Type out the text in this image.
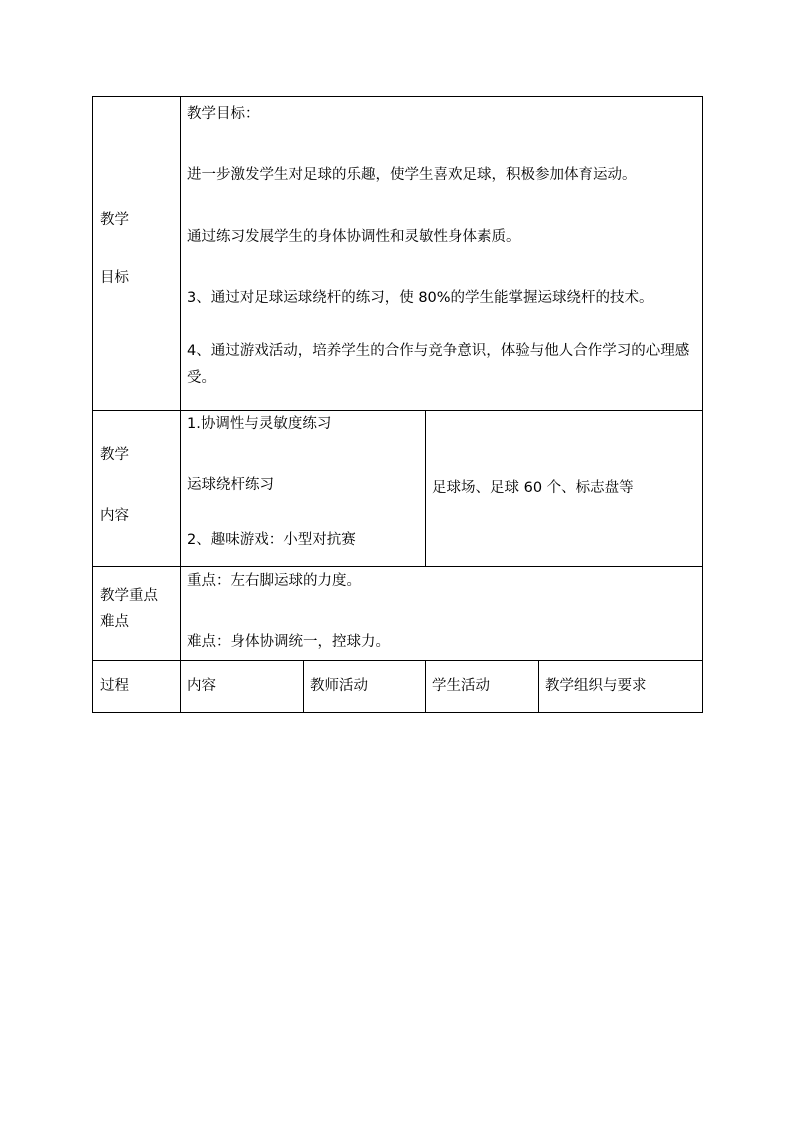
教学
目标	教学目标：
进一步激发学生对足球的乐趣，使学生喜欢足球，积极参加体育运动。
通过练习发展学生的身体协调性和灵敏性身体素质。
3、通过对足球运球绕杆的练习，使 80%的学生能掌握运球绕杆的技术。
4、通过游戏活动，培养学生的合作与竞争意识，体验与他人合作学习的心理感受。			

教学
内容	1.协调性与灵敏度练习
运球绕杆练习
2、趣味游戏：小型对抗赛		足球场、足球 60 个、标志盘等	

教学重点
难点	重点：左右脚运球的力度。
难点：身体协调统一，控球力。			

过程	内容	教师活动	学生活动	教学组织与要求
